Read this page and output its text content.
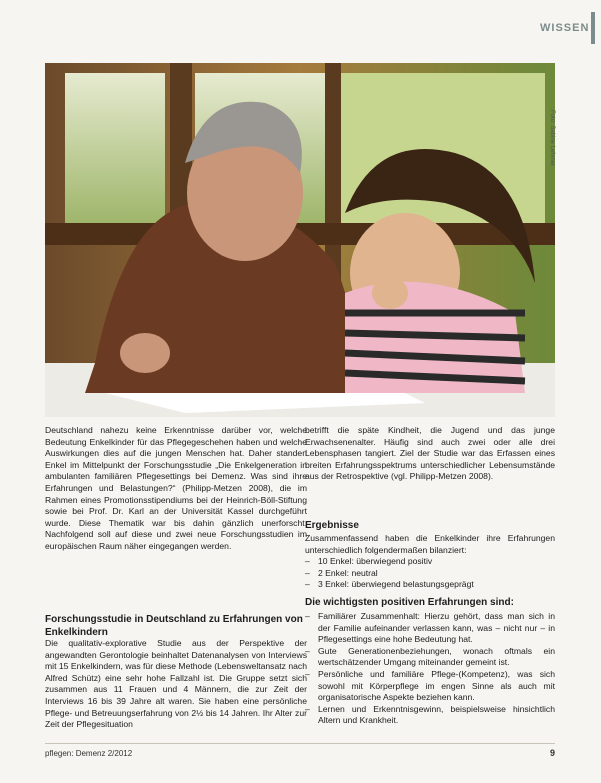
WISSEN
Foto: Sabine Lehmer

Deutschland nahezu keine Erkenntnisse darüber vor, welche Bedeutung Enkelkinder für das Pflegegeschehen haben und welche Auswirkungen dies auf die jungen Menschen hat. Daher standen Enkel im Mittelpunkt der Forschungsstudie „Die Enkelgeneration in ambulanten familiären Pflegesettings bei Demenz. Was sind ihre Erfahrungen und Belastungen?“ (Philipp-Metzen 2008), die im Rahmen eines Promotionsstipendiums bei der Heinrich-Böll-Stiftung sowie bei Prof. Dr. Karl an der Universität Kassel durchgeführt wurde. Diese Thematik war bis dahin gänzlich unerforscht. Nachfolgend soll auf diese und zwei neue Forschungsstudien im europäischen Raum näher eingegangen werden.

Forschungsstudie in Deutschland zu Erfahrungen von Enkelkindern

Die qualitativ-explorative Studie aus der Perspektive der angewandten Gerontologie beinhaltet Datenanalysen von Interviews mit 15 Enkelkindern, was für diese Methode (Lebensweltansatz nach Alfred Schütz) eine sehr hohe Fallzahl ist. Die Gruppe setzt sich zusammen aus 11 Frauen und 4 Männern, die zur Zeit der Interviews 16 bis 39 Jahre alt waren. Sie haben eine persönliche Pflege- und Betreuungserfahrung von 2½ bis 14 Jahren. Ihr Alter zur Zeit der Pflegesituation

betrifft die späte Kindheit, die Jugend und das junge Erwachsenenalter. Häufig sind auch zwei oder alle drei Lebensphasen tangiert. Ziel der Studie war das Erfassen eines breiten Erfahrungsspektrums unterschiedlicher Lebensumstände aus der Retrospektive (vgl. Philipp-Metzen 2008).

Ergebnisse

Zusammenfassend haben die Enkelkinder ihre Erfahrungen unterschiedlich folgendermaßen bilanziert:

– 10 Enkel: überwiegend positiv
– 2 Enkel: neutral
– 3 Enkel: überwiegend belastungsgeprägt
Die wichtigsten positiven Erfahrungen sind:
– Familiärer Zusammenhalt: Hierzu gehört, dass man sich in der Familie aufeinander verlassen kann, was – nicht nur – in Pflegesettings eine hohe Bedeutung hat.
– Gute Generationenbeziehungen, wonach oftmals ein wertschätzender Umgang miteinander gemeint ist.
– Persönliche und familiäre Pflege-(Kompetenz), was sich sowohl mit Körperpflege im engen Sinne als auch mit organisatorische Aspekte beziehen kann.
– Lernen und Erkenntnisgewinn, beispielsweise hinsichtlich Altern und Krankheit.
pflegen: Demenz 2/2012	9
